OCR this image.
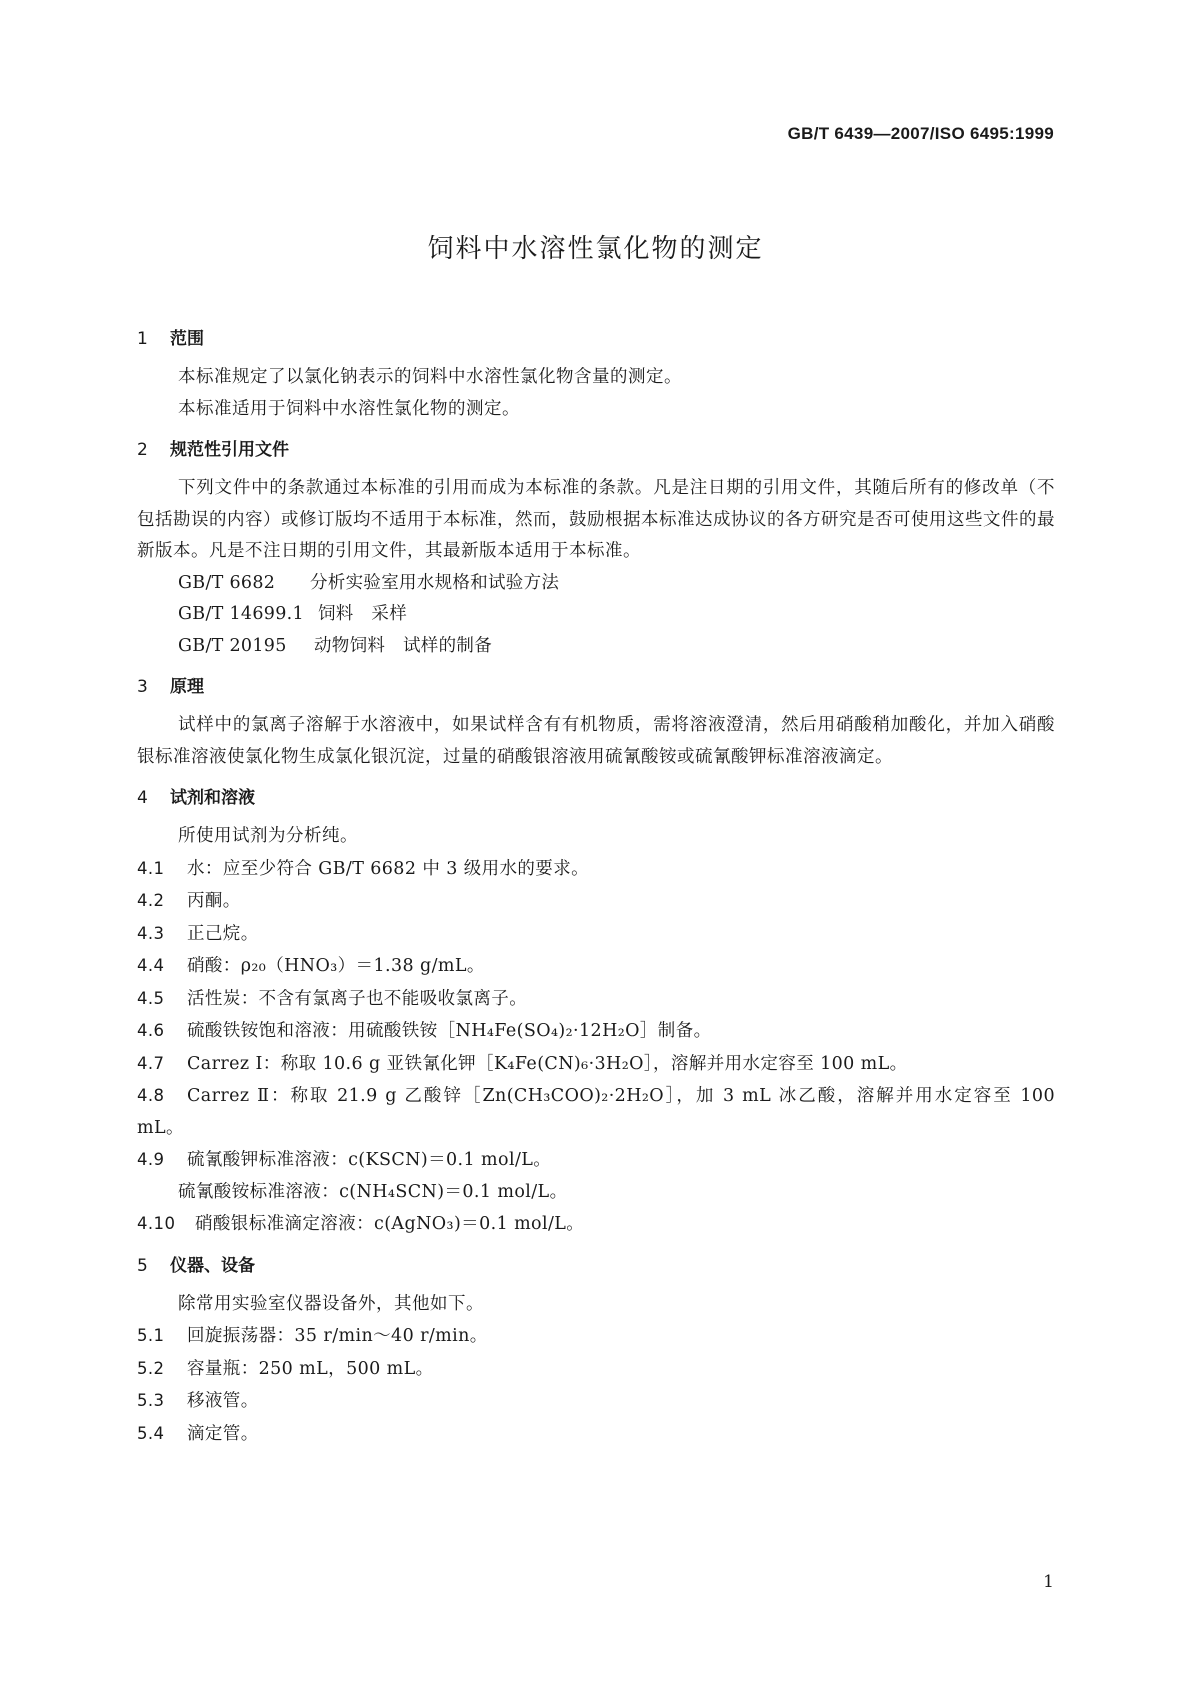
GB/T 6439—2007/ISO 6495:1999
饲料中水溶性氯化物的测定
1 范围
本标准规定了以氯化钠表示的饲料中水溶性氯化物含量的测定。
本标准适用于饲料中水溶性氯化物的测定。
2 规范性引用文件
下列文件中的条款通过本标准的引用而成为本标准的条款。凡是注日期的引用文件，其随后所有的修改单（不包括勘误的内容）或修订版均不适用于本标准，然而，鼓励根据本标准达成协议的各方研究是否可使用这些文件的最新版本。凡是不注日期的引用文件，其最新版本适用于本标准。
GB/T 6682 分析实验室用水规格和试验方法
GB/T 14699.1 饲料　采样
GB/T 20195 动物饲料　试样的制备
3 原理
试样中的氯离子溶解于水溶液中，如果试样含有有机物质，需将溶液澄清，然后用硝酸稍加酸化，并加入硝酸银标准溶液使氯化物生成氯化银沉淀，过量的硝酸银溶液用硫氰酸铵或硫氰酸钾标准溶液滴定。
4 试剂和溶液
所使用试剂为分析纯。
4.1 水：应至少符合 GB/T 6682 中 3 级用水的要求。
4.2 丙酮。
4.3 正己烷。
4.4 硝酸：ρ₂₀（HNO₃）＝1.38 g/mL。
4.5 活性炭：不含有氯离子也不能吸收氯离子。
4.6 硫酸铁铵饱和溶液：用硫酸铁铵［NH₄Fe(SO₄)₂·12H₂O］制备。
4.7 Carrez Ⅰ：称取 10.6 g 亚铁氰化钾［K₄Fe(CN)₆·3H₂O］，溶解并用水定容至 100 mL。
4.8 Carrez Ⅱ：称取 21.9 g 乙酸锌［Zn(CH₃COO)₂·2H₂O］，加 3 mL 冰乙酸，溶解并用水定容至 100 mL。
4.9 硫氰酸钾标准溶液：c(KSCN)＝0.1 mol/L。
硫氰酸铵标准溶液：c(NH₄SCN)＝0.1 mol/L。
4.10 硝酸银标准滴定溶液：c(AgNO₃)＝0.1 mol/L。
5 仪器、设备
除常用实验室仪器设备外，其他如下。
5.1 回旋振荡器：35 r/min～40 r/min。
5.2 容量瓶：250 mL，500 mL。
5.3 移液管。
5.4 滴定管。
1
